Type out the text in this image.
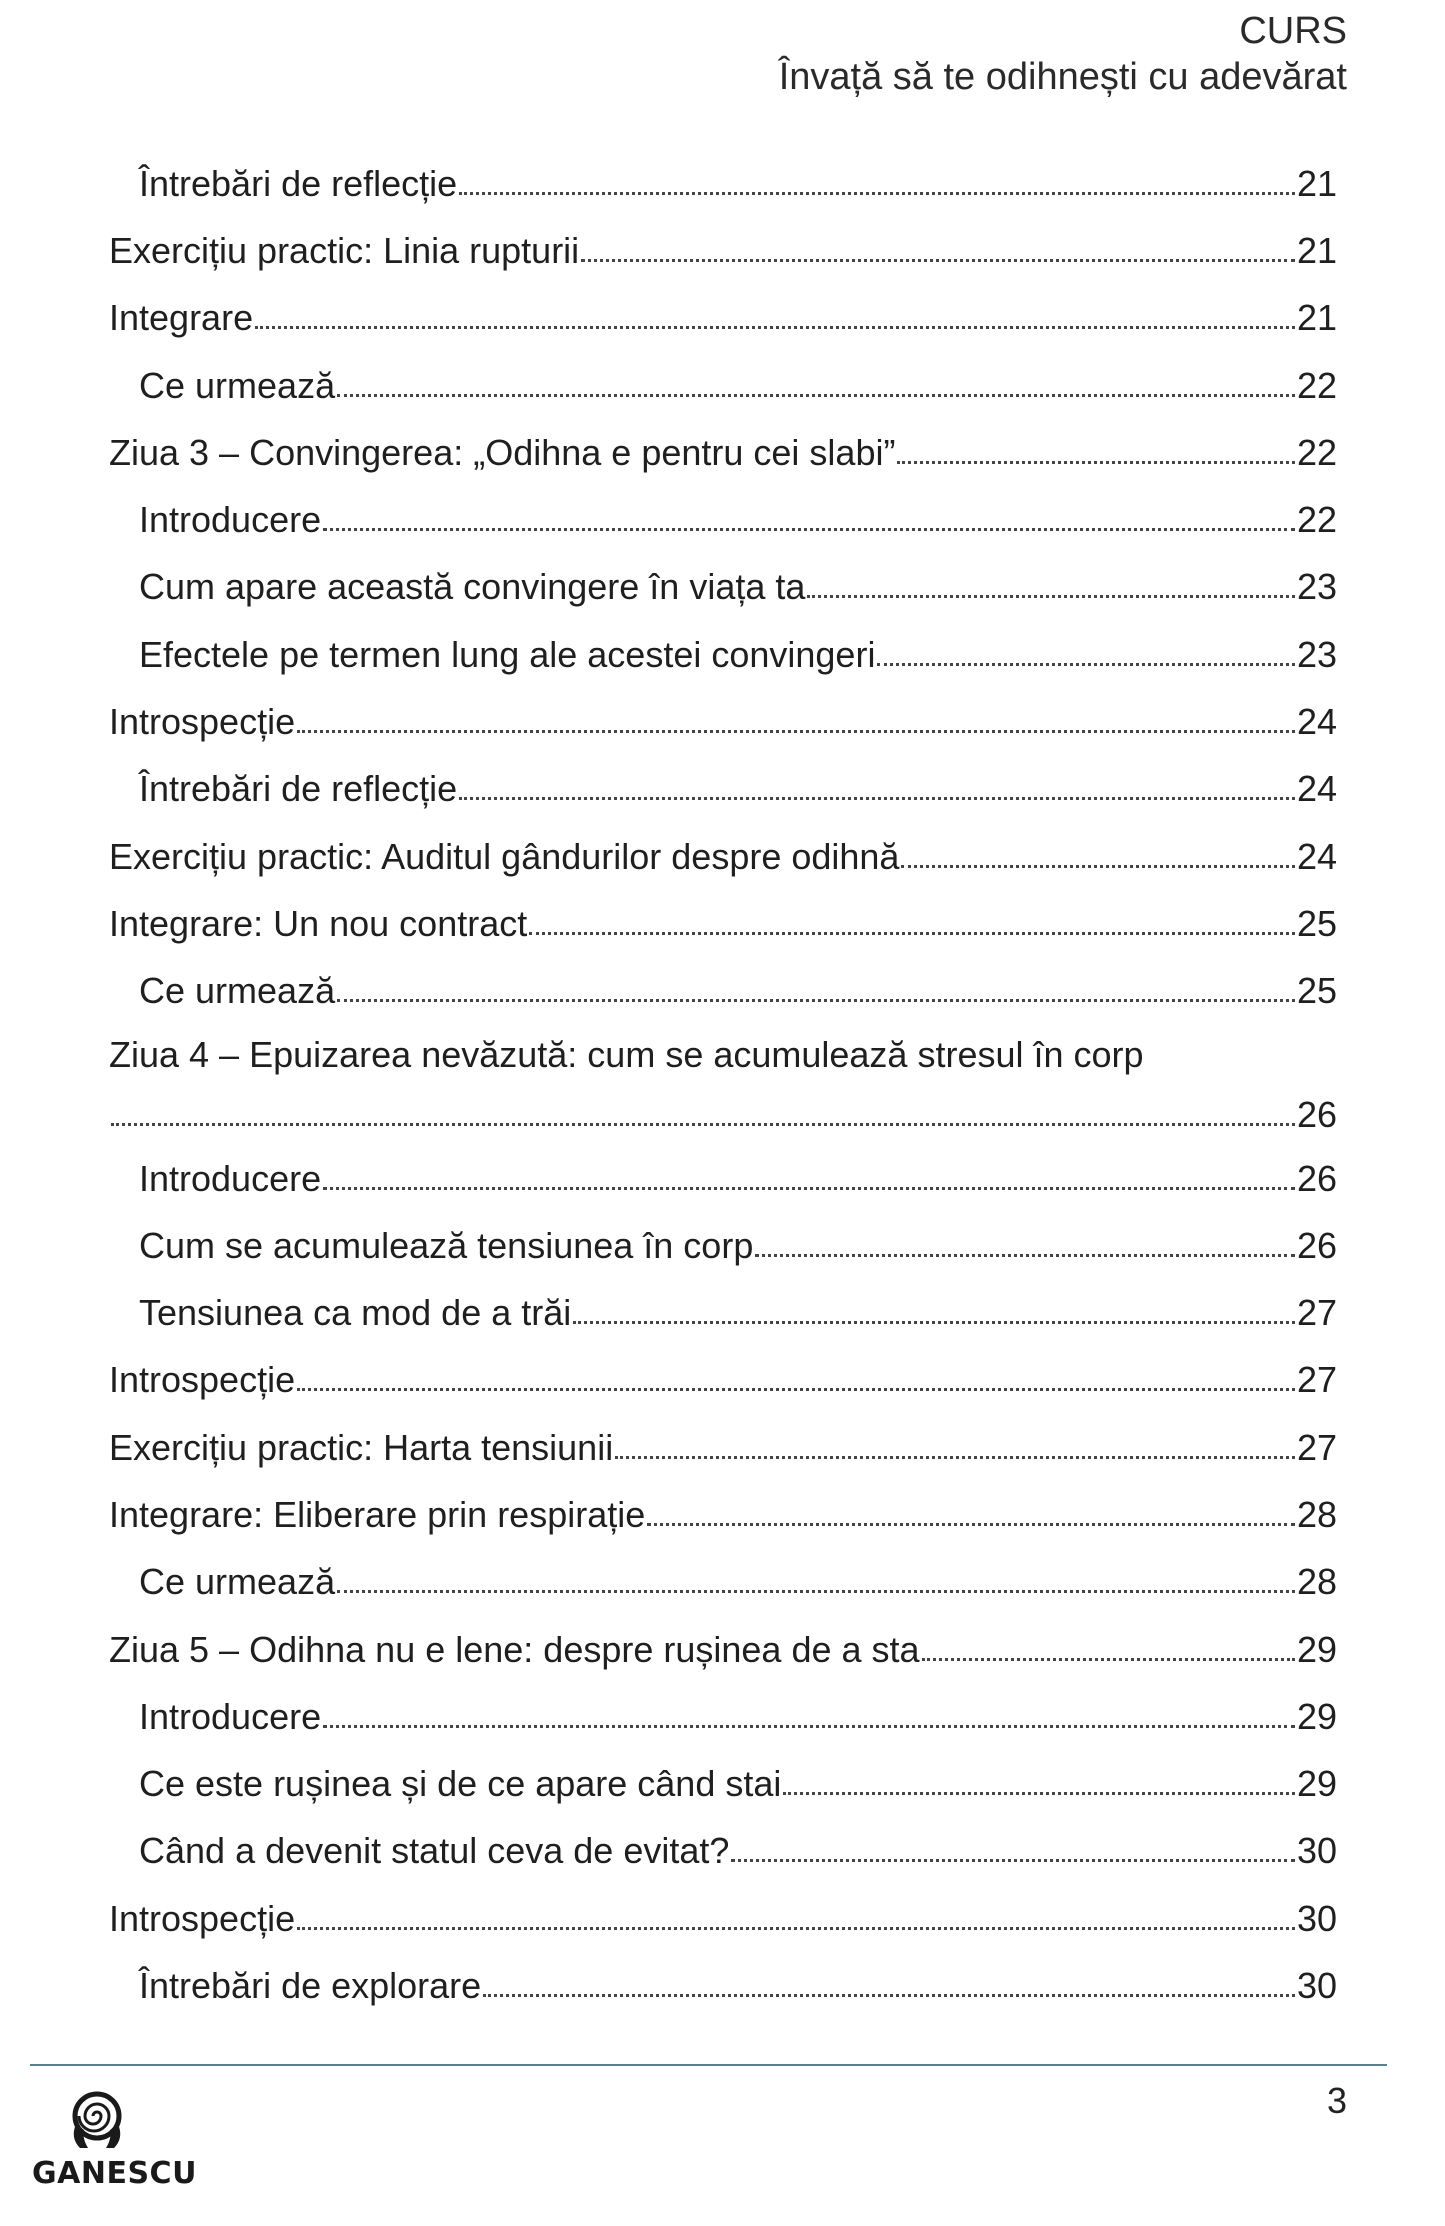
CURS
Învață să te odihnești cu adevărat
Întrebări de reflecție	21
Exercițiu practic: Linia rupturii	21
Integrare	21
Ce urmează	22
Ziua 3 – Convingerea: „Odihna e pentru cei slabi”	22
Introducere	22
Cum apare această convingere în viața ta	23
Efectele pe termen lung ale acestei convingeri	23
Introspecție	24
Întrebări de reflecție	24
Exercițiu practic: Auditul gândurilor despre odihnă	24
Integrare: Un nou contract	25
Ce urmează	25
Ziua 4 – Epuizarea nevăzută: cum se acumulează stresul în corp
26
Introducere	26
Cum se acumulează tensiunea în corp	26
Tensiunea ca mod de a trăi	27
Introspecție	27
Exercițiu practic: Harta tensiunii	27
Integrare: Eliberare prin respirație	28
Ce urmează	28
Ziua 5 – Odihna nu e lene: despre rușinea de a sta	29
Introducere	29
Ce este rușinea și de ce apare când stai	29
Când a devenit statul ceva de evitat?	30
Introspecție	30
Întrebări de explorare	30
GANESCU
3
